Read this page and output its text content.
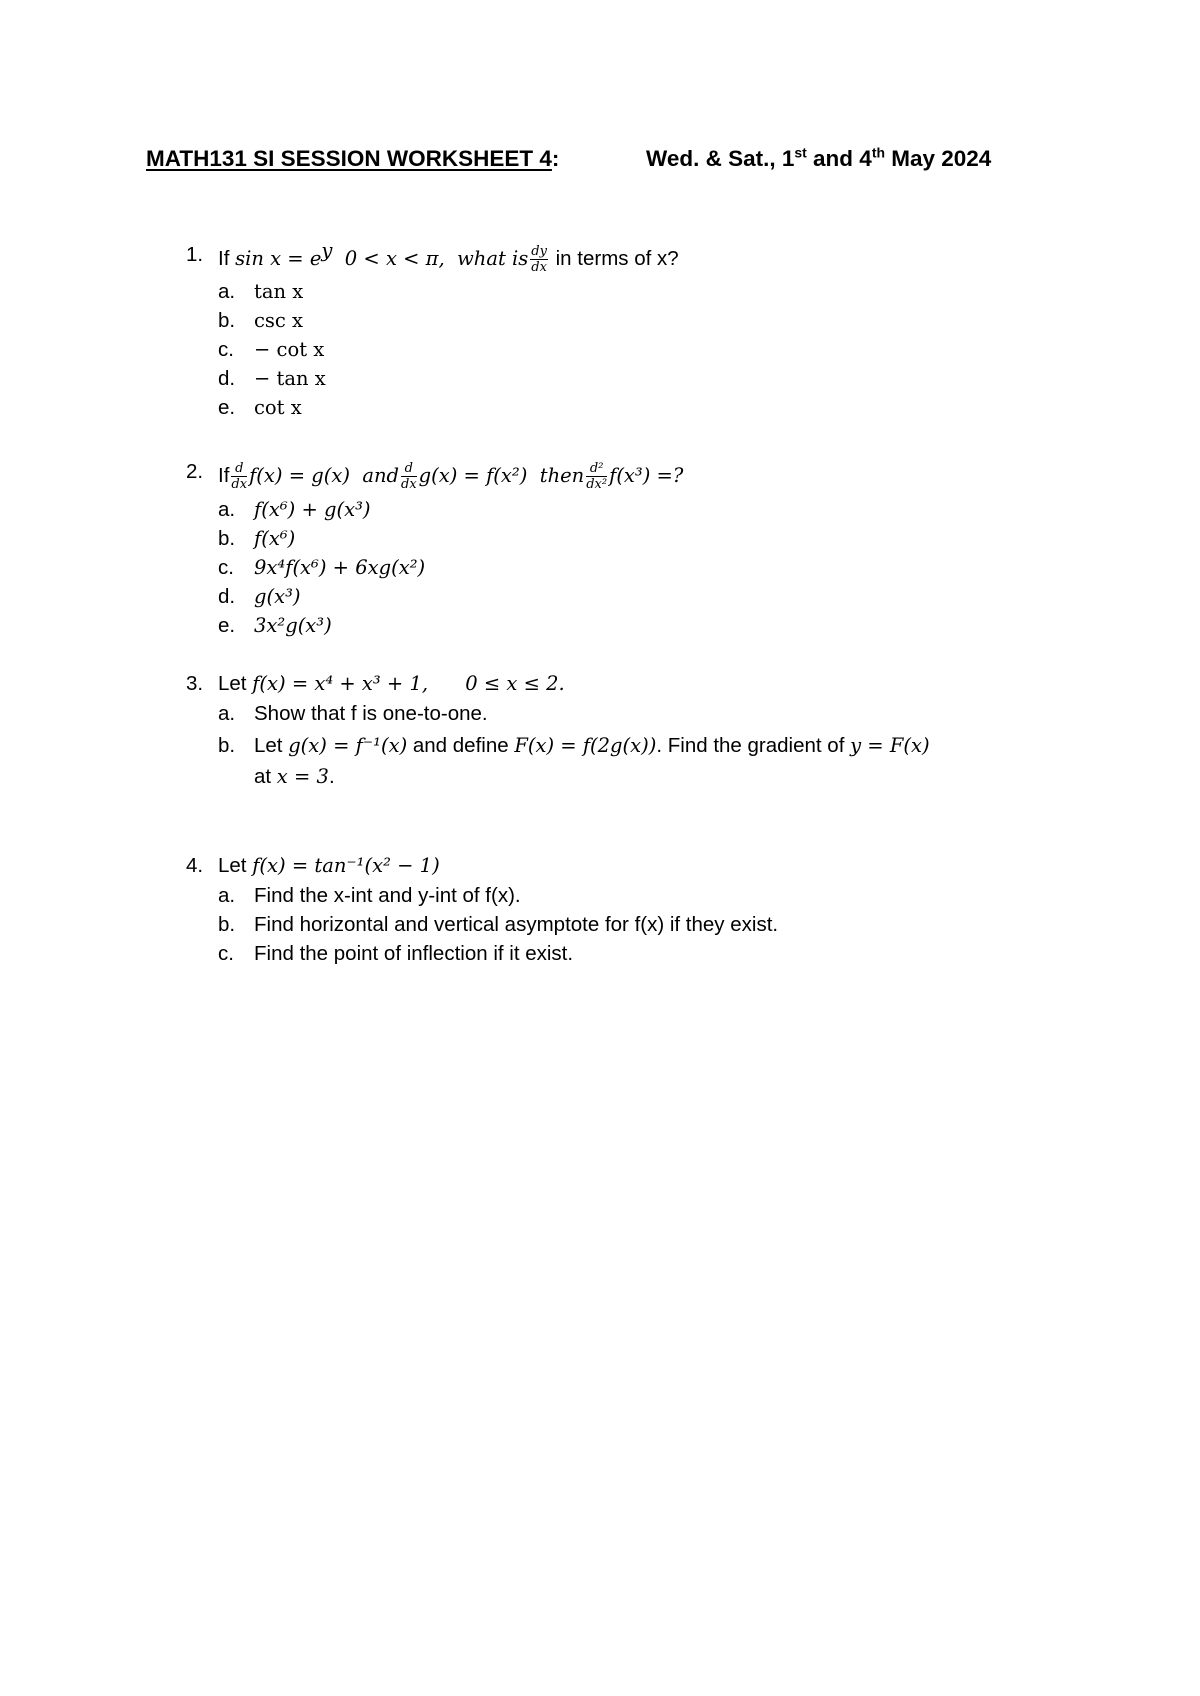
MATH131 SI SESSION WORKSHEET 4:	Wed. & Sat., 1st and 4th May 2024
1. If $\sin x = e^y$  0 < x < π,  what is $\frac{dy}{dx}$ in terms of x?
a. tan x
b. csc x
c. − cot x
d. − tan x
e. cot x
2. If $\frac{d}{dx} f(x) = g(x)$  and $\frac{d}{dx} g(x) = f(x^2)$  then $\frac{\text{d²}}{\text{dx²}} f(x^3)$ =?
a. f(x⁶) + g(x³)
b. f(x⁶)
c. 9x⁴f(x⁶) + 6xg(x²)
d. g(x³)
e. 3x²g(x³)
3. Let f(x) = x⁴ + x³ + 1,      0 ≤ x ≤ 2.
a. Show that f is one-to-one.
b. Let g(x) = f⁻¹(x) and define F(x) = f(2g(x)). Find the gradient of y = F(x)
at x = 3.
4. Let f(x) = tan⁻¹(x² − 1)
a. Find the x-int and y-int of f(x).
b. Find horizontal and vertical asymptote for f(x) if they exist.
c. Find the point of inflection if it exist.
